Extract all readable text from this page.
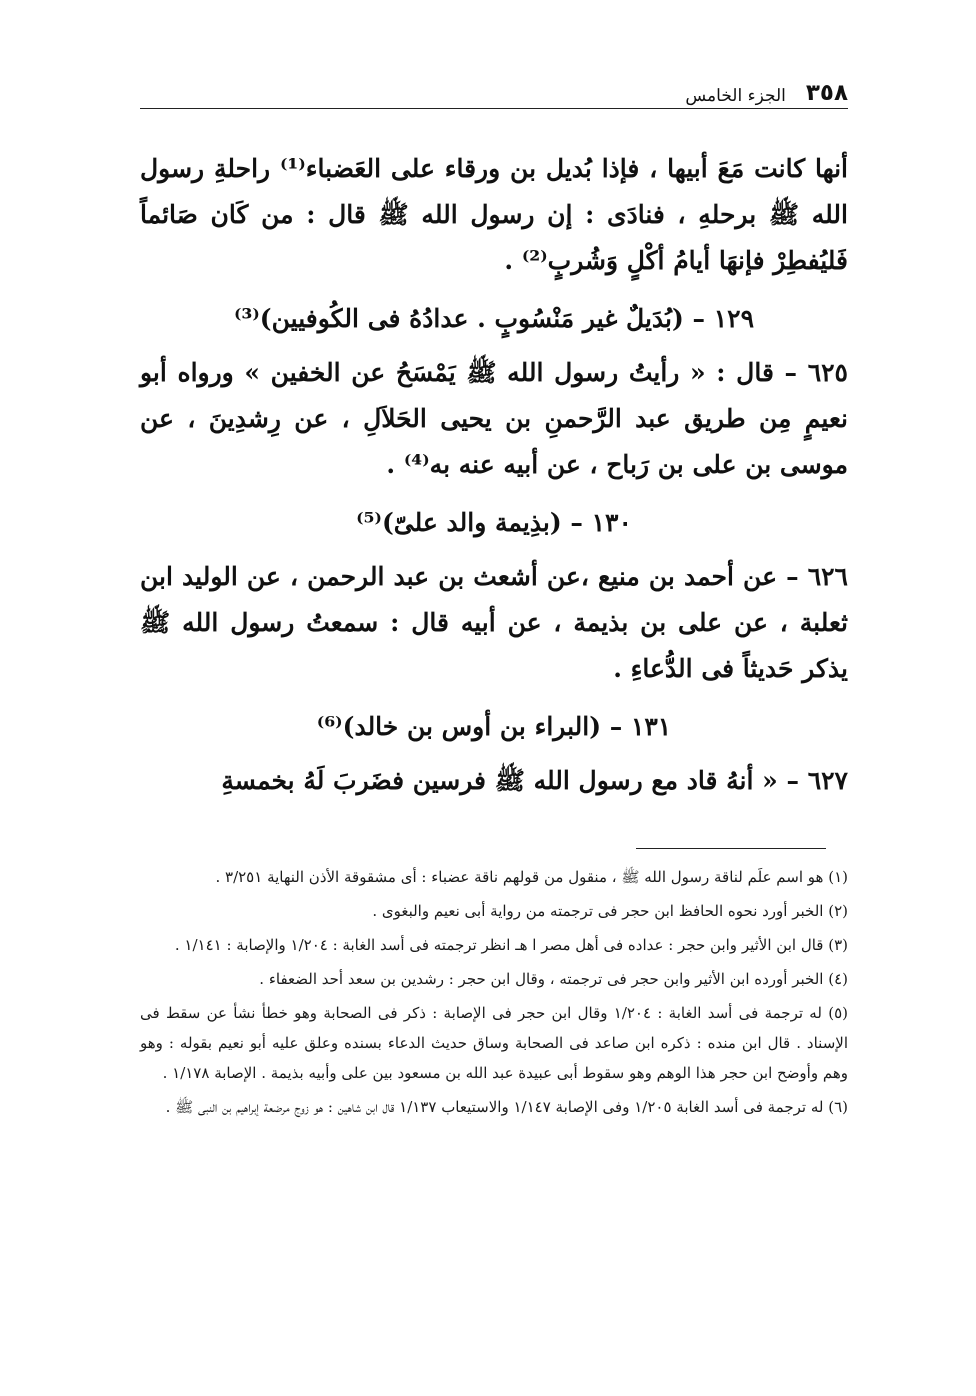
٣٥٨
الجزء الخامس

أنها كانت مَعَ أبيها ، فإذا بُديل بن ورقاء على العَضباء⁽¹⁾ راحلةِ رسول الله ﷺ برحلهِ ، فنادَى : إن رسول الله ﷺ قال : من كَان صَائماً فَليُفطِرْ فإنهَا أيامُ أكْلٍ وَشُربٍ⁽²⁾ .

١٢٩ – (بُدَيلٌ غير مَنْسُوبٍ . عدادُهُ فى الكُوفيين)⁽³⁾

٦٢٥ – قال : « رأيتُ رسول الله ﷺ يَمْسَحُ عن الخفين » ورواه أبو نعيمٍ مِن طريق عبد الرَّحمنِ بن يحيى الحَلاَلِ ، عن رِشدِينَ ، عن موسى بن على بن رَباح ، عن أبيه عنه به⁽⁴⁾ .

١٣٠ – (بذِيمة والد علىّ)⁽⁵⁾

٦٢٦ – عن أحمد بن منيع ،عن أشعث بن عبد الرحمن ، عن الوليد ابن ثعلبة ، عن على بن بذيمة ، عن أبيه قال : سمعتُ رسول الله ﷺ يذكر حَديثاً فى الدُّعاءِ .

١٣١ – (البراء بن أوس بن خالد)⁽⁶⁾

٦٢٧ – « أنهُ قاد مع رسول الله ﷺ فرسين فضَربَ لَهُ بخمسةِ

(١) هو اسم علَم لناقة رسول الله ﷺ ، منقول من قولهم ناقة عضباء : أى مشقوقة الأذن النهاية ٣/٢٥١ .

(٢) الخبر أورد نحوه الحافظ ابن حجر فى ترجمته من رواية أبى نعيم والبغوى .

(٣) قال ابن الأثير وابن حجر : عداده فى أهل مصر ا هـ انظر ترجمته فى أسد الغابة : ١/٢٠٤ والإصابة : ١/١٤١ .

(٤) الخبر أورده ابن الأثير وابن حجر فى ترجمته ، وقال ابن حجر : رشدين بن سعد أحد الضعفاء .

(٥) له ترجمة فى أسد الغابة : ١/٢٠٤ وقال ابن حجر فى الإصابة : ذكر فى الصحابة وهو خطأ نشأ عن سقط فى الإسناد . قال ابن منده : ذكره ابن صاعد فى الصحابة وساق حديث الدعاء بسنده وعلق عليه أبو نعيم بقوله : وهو وهم وأوضح ابن حجر هذا الوهم وهو سقوط أبى عبيدة عبد الله بن مسعود بين على وأبيه بذيمة . الإصابة ١/١٧٨ .

(٦) له ترجمة فى أسد الغابة ١/٢٠٥ وفى الإصابة ١/١٤٧ والاستيعاب ١/١٣٧ قال ابن شاهين : هو زوج مرضعة إبراهيم بن النبى ﷺ .
